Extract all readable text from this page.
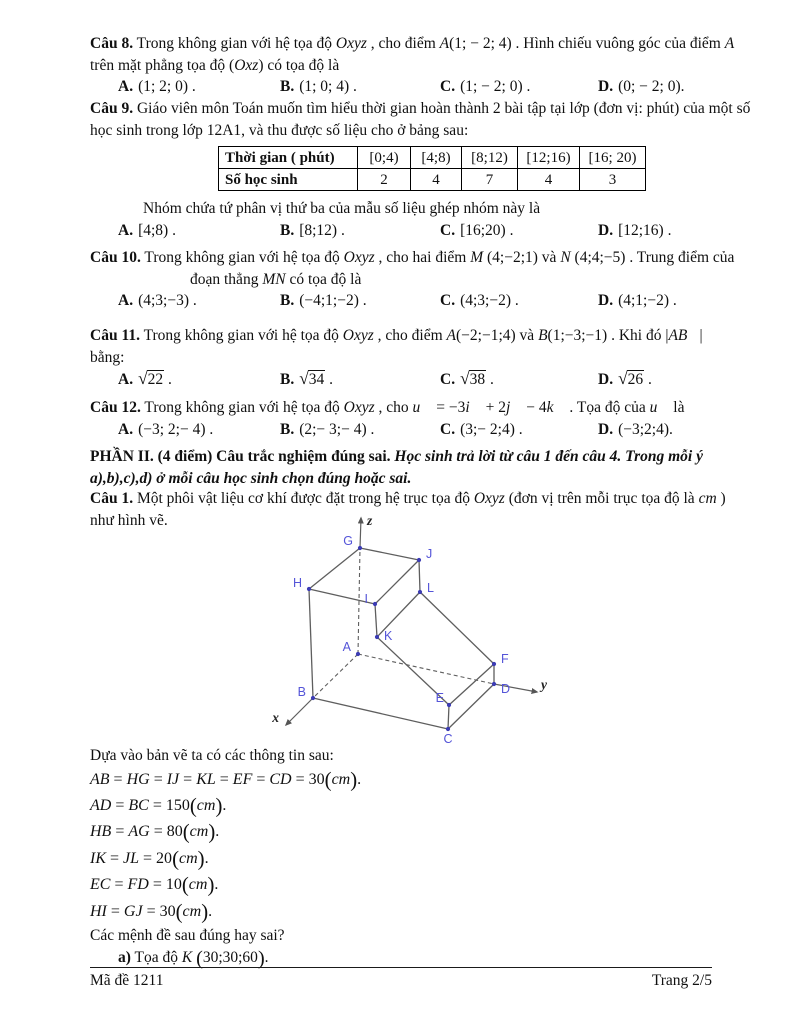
Câu 8. Trong không gian với hệ tọa độ Oxyz , cho điểm A(1; − 2; 4) . Hình chiếu vuông góc của điểm A
trên mặt phẳng tọa độ (Oxz) có tọa độ là
A. (1; 2; 0) .	B. (1; 0; 4) .	C. (1; − 2; 0) .	D. (0; − 2; 0).
Câu 9. Giáo viên môn Toán muốn tìm hiểu thời gian hoàn thành 2 bài tập tại lớp (đơn vị: phút) của một số
học sinh trong lớp 12A1, và thu được số liệu cho ở bảng sau:
Thời gian ( phút)	[0;4)	[4;8)	[8;12)	[12;16)	[16; 20)
Số học sinh	2	4	7	4	3
Nhóm chứa tứ phân vị thứ ba của mẫu số liệu ghép nhóm này là
A. [4;8) .	B. [8;12) .	C. [16;20) .	D. [12;16) .
Câu 10. Trong không gian với hệ tọa độ Oxyz , cho hai điểm M (4;−2;1) và N (4;4;−5) . Trung điểm của
đoạn thẳng MN có tọa độ là
A. (4;3;−3) .	B. (−4;1;−2) .	C. (4;3;−2) .	D. (4;1;−2) .
Câu 11. Trong không gian với hệ tọa độ Oxyz , cho điểm A(−2;−1;4) và B(1;−3;−1) . Khi đó |AB⃗|
bằng:
A. √22 .	B. √34 .	C. √38 .	D. √26 .
Câu 12. Trong không gian với hệ tọa độ Oxyz , cho u⃗ = −3i⃗ + 2j⃗ − 4k⃗ . Tọa độ của u⃗ là
A. (−3; 2;− 4) .	B. (2;− 3;− 4) .	C. (3;− 2;4) .	D. (−3;2;4).
PHẦN II. (4 điểm) Câu trắc nghiệm đúng sai. Học sinh trả lời từ câu 1 đến câu 4. Trong mỗi ý
a),b),c),d) ở mỗi câu học sinh chọn đúng hoặc sai.
Câu 1. Một phôi vật liệu cơ khí được đặt trong hệ trục tọa độ Oxyz (đơn vị trên mỗi trục tọa độ là cm )
như hình vẽ.	z
x
y
A
B
C
D
E
F
G
H
I
J
K
L
Dựa vào bản vẽ ta có các thông tin sau:
AB = HG = IJ = KL = EF = CD = 30(cm).
AD = BC = 150(cm).
HB = AG = 80(cm).
IK = JL = 20(cm).
EC = FD = 10(cm).
HI = GJ = 30(cm).
Các mệnh đề sau đúng hay sai?
a) Tọa độ K (30;30;60).
Mã đề 1211	Trang 2/5
